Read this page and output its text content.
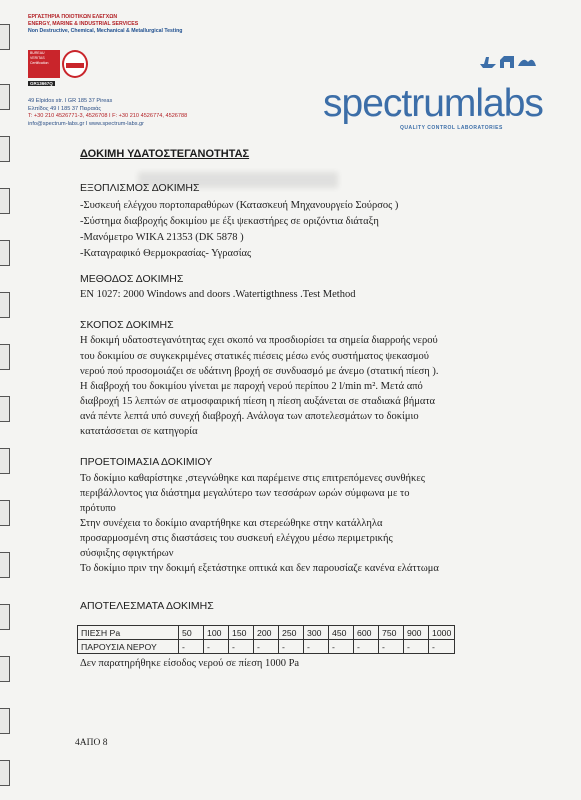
ΕΡΓΑΣΤΗΡΙΑ ΠΟΙΟΤΙΚΩΝ ΕΛΕΓΧΩΝ
ENERGY, MARINE & INDUSTRIAL SERVICES
Non Destructive, Chemical, Mechanical & Metallurgical Testing
BUREAU VERITAS Certification
GR13667Q
49 Elpidos str. I GR 185 37 Pireas
Ελπίδος 49 I 185 37 Πειραιάς
T: +30 210 4526771-3, 4526708 I F: +30 210 4526774, 4526788
info@spectrum-labs.gr I www.spectrum-labs.gr	spectrumlabs
QUALITY CONTROL LABORATORIES
ΔΟΚΙΜΗ ΥΔΑΤΟΣΤΕΓΑΝΟΤΗΤΑΣ
ΕΞΟΠΛΙΣΜΟΣ ΔΟΚΙΜΗΣ
-Συσκευή ελέγχου πορτοπαραθύρων (Κατασκευή Μηχανουργείο Σούρσος )
-Σύστημα διαβροχής δοκιμίου με έξι ψεκαστήρες σε οριζόντια διάταξη
-Μανόμετρο WIKA 21353 (DK 5878 )
-Καταγραφικό Θερμοκρασίας- Υγρασίας
ΜΕΘΟΔΟΣ ΔΟΚΙΜΗΣ
EN 1027: 2000 Windows and doors .Watertigthness .Test Method
ΣΚΟΠΟΣ ΔΟΚΙΜΗΣ
Η δοκιμή υδατοστεγανότητας εχει σκοπό να προσδιορίσει τα σημεία διαρροής νερού
του δοκιμίου σε συγκεκριμένες στατικές πιέσεις μέσω ενός συστήματος ψεκασμού
νερού πού προσομοιάζει σε υδάτινη βροχή σε συνδυασμό με άνεμο (στατική πίεση ).
Η διαβροχή του δοκιμίου γίνεται με παροχή νερού περίπου 2 l/min m². Μετά από
διαβροχή 15 λεπτών σε ατμοσφαιρική πίεση η πίεση αυξάνεται σε σταδιακά βήματα
ανά πέντε λεπτά υπό συνεχή διαβροχή. Ανάλογα των αποτελεσμάτων το δοκίμιο
κατατάσσεται σε κατηγορία
ΠΡΟΕΤΟΙΜΑΣΙΑ ΔΟΚΙΜΙΟΥ
Το δοκίμιο καθαρίστηκε ,στεγνώθηκε και παρέμεινε στις επιτρεπόμενες συνθήκες
περιβάλλοντος για διάστημα μεγαλύτερο των τεσσάρων ωρών σύμφωνα με το
πρότυπο
Στην συνέχεια το δοκίμιο αναρτήθηκε και στερεώθηκε στην κατάλληλα
προσαρμοσμένη στις διαστάσεις του συσκευή ελέγχου μέσω περιμετρικής
σύσφιξης σφιγκτήρων
Το δοκίμιο πριν την δοκιμή εξετάστηκε οπτικά και δεν παρουσίαζε κανένα ελάττωμα
ΑΠΟΤΕΛΕΣΜΑΤΑ ΔΟΚΙΜΗΣ
ΠΙΕΣΗ Pa	50	100	150	200	250	300	450	600	750	900	1000
ΠΑΡΟΥΣΙΑ ΝΕΡΟΥ	-	-	-	-	-	-	-	-	-	-	-
Δεν παρατηρήθηκε είσοδος νερού σε πίεση 1000 Pa
4ΑΠΟ 8
